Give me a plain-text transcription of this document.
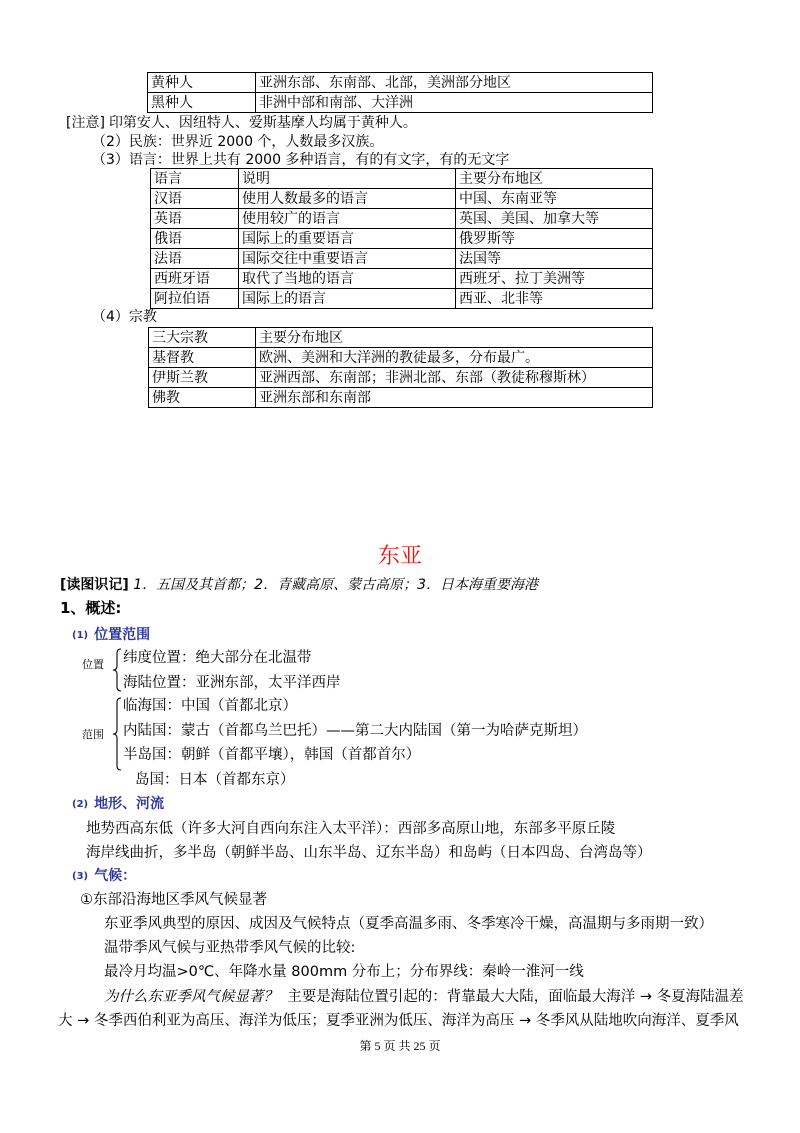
黄种人	亚洲东部、东南部、北部，美洲部分地区
黑种人	非洲中部和南部、大洋洲
[注意] 印第安人、因纽特人、爱斯基摩人均属于黄种人。
（2）民族：世界近 2000 个，人数最多汉族。
（3）语言：世界上共有 2000 多种语言，有的有文字，有的无文字
语言	说明	主要分布地区
汉语	使用人数最多的语言	中国、东南亚等
英语	使用较广的语言	英国、美国、加拿大等
俄语	国际上的重要语言	俄罗斯等
法语	国际交往中重要语言	法国等
西班牙语	取代了当地的语言	西班牙、拉丁美洲等
阿拉伯语	国际上的语言	西亚、北非等
（4）宗教
三大宗教	主要分布地区
基督教	欧洲、美洲和大洋洲的教徒最多，分布最广。
伊斯兰教	亚洲西部、东南部；非洲北部、东部（教徒称穆斯林）
佛教	亚洲东部和东南部
东亚
[读图识记] 1．五国及其首都；2．青藏高原、蒙古高原；3．日本海重要海港
1、概述:
(1) 位置范围
位置 纬度位置：绝大部分在北温带
海陆位置：亚洲东部，太平洋西岸
范围
临海国：中国（首都北京）
内陆国：蒙古（首都乌兰巴托）——第二大内陆国（第一为哈萨克斯坦）
半岛国：朝鲜（首都平壤），韩国（首都首尔）
岛国：日本（首都东京）
(2) 地形、河流
地势西高东低（许多大河自西向东注入太平洋）：西部多高原山地，东部多平原丘陵
海岸线曲折，多半岛（朝鲜半岛、山东半岛、辽东半岛）和岛屿（日本四岛、台湾岛等）
(3) 气候：
①东部沿海地区季风气候显著
东亚季风典型的原因、成因及气候特点（夏季高温多雨、冬季寒冷干燥，高温期与多雨期一致）
温带季风气候与亚热带季风气候的比较:
最冷月均温>0℃、年降水量 800mm 分布上；分布界线：秦岭一淮河一线
为什么东亚季风气候显著？ 主要是海陆位置引起的：背靠最大大陆，面临最大海洋 → 冬夏海陆温差
大 → 冬季西伯利亚为高压、海洋为低压；夏季亚洲为低压、海洋为高压 → 冬季风从陆地吹向海洋、夏季风
第 5 页 共 25 页
